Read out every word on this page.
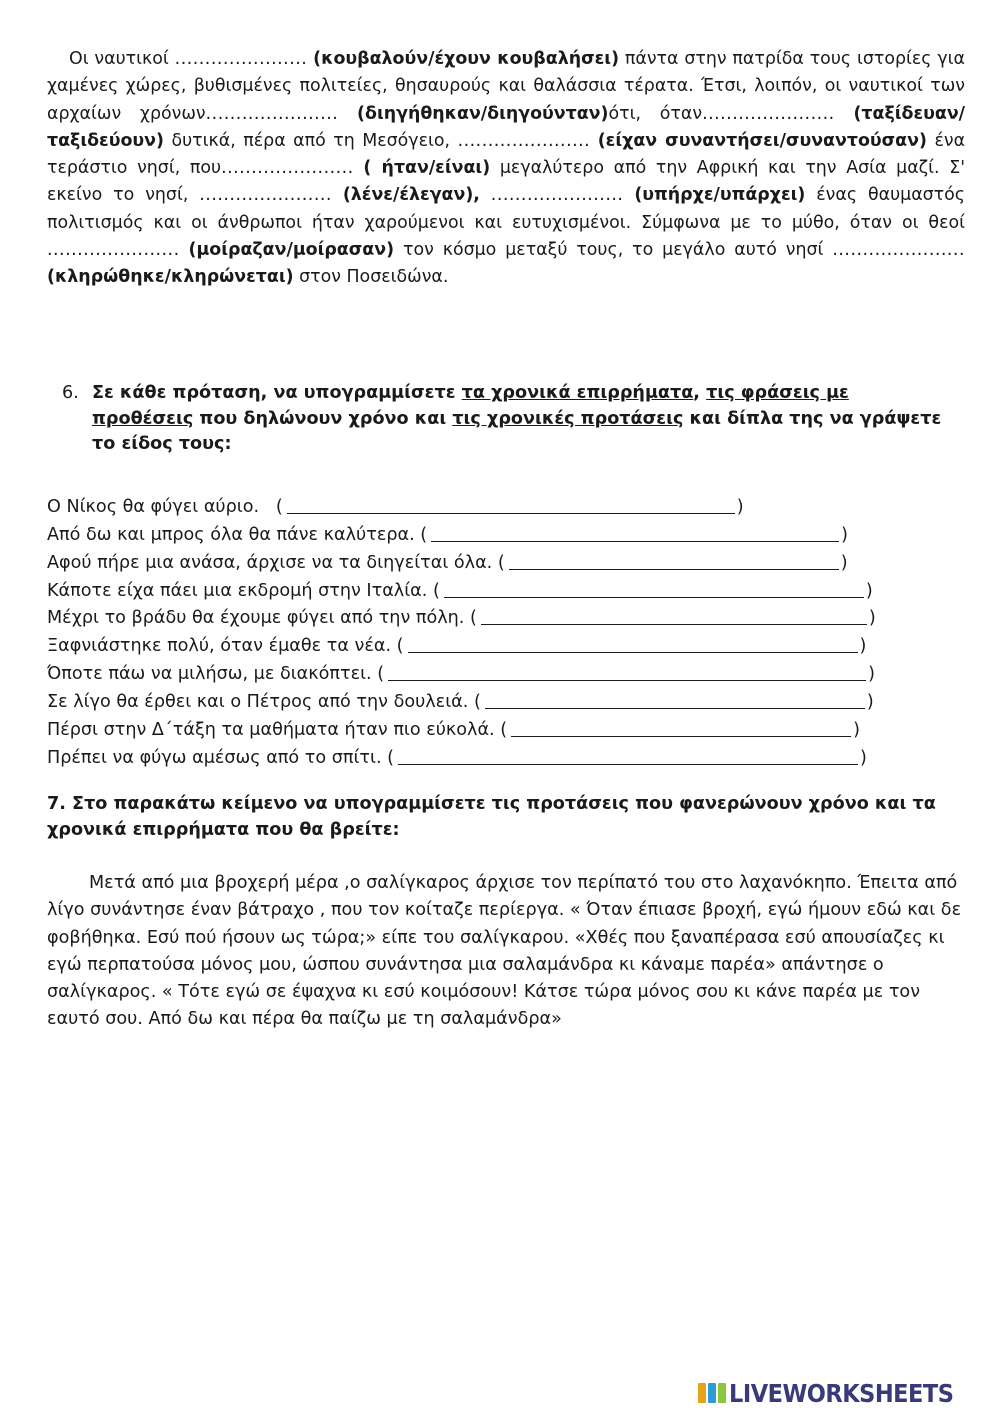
Οι ναυτικοί ...................... (κουβαλούν/έχουν κουβαλήσει) πάντα στην πατρίδα τους ιστορίες για χαμένες χώρες, βυθισμένες πολιτείες, θησαυρούς και θαλάσσια τέρατα. Έτσι, λοιπόν, οι ναυτικοί των αρχαίων χρόνων...................... (διηγήθηκαν/διηγούνταν)ότι, όταν...................... (ταξίδευαν/ταξιδεύουν) δυτικά, πέρα από τη Μεσόγειο, ...................... (είχαν συναντήσει/συναντούσαν) ένα τεράστιο νησί, που...................... ( ήταν/είναι) μεγαλύτερο από την Αφρική και την Ασία μαζί. Σ' εκείνο το νησί, ...................... (λένε/έλεγαν), ...................... (υπήρχε/υπάρχει) ένας θαυμαστός πολιτισμός και οι άνθρωποι ήταν χαρούμενοι και ευτυχισμένοι. Σύμφωνα με το μύθο, όταν οι θεοί ...................... (μοίραζαν/μοίρασαν) τον κόσμο μεταξύ τους, το μεγάλο αυτό νησί ...................... (κληρώθηκε/κληρώνεται) στον Ποσειδώνα.
6. Σε κάθε πρόταση, να υπογραμμίσετε τα χρονικά επιρρήματα, τις φράσεις με
προθέσεις που δηλώνουν χρόνο και τις χρονικές προτάσεις και δίπλα της να γράψετε το είδος τους:
Ο Νίκος θα φύγει αύριο.
(	)
Από δω και μπρος όλα θα πάνε καλύτερα.
(	)
Αφού πήρε μια ανάσα, άρχισε να τα διηγείται όλα.
(	)
Κάποτε είχα πάει μια εκδρομή στην Ιταλία.
(	)
Μέχρι το βράδυ θα έχουμε φύγει από την πόλη.
(	)
Ξαφνιάστηκε πολύ, όταν έμαθε τα νέα.
(	)
Όποτε πάω να μιλήσω, με διακόπτει.
(	)
Σε λίγο θα έρθει και ο Πέτρος από την δουλειά.
(	)
Πέρσι στην Δ΄τάξη τα μαθήματα ήταν πιο εύκολά.
(	)
Πρέπει να φύγω αμέσως από το σπίτι.
(	)
7. Στο παρακάτω κείμενο να υπογραμμίσετε τις προτάσεις που φανερώνουν χρόνο και τα χρονικά επιρρήματα που θα βρείτε:
Μετά από μια βροχερή μέρα ,ο σαλίγκαρος άρχισε τον περίπατό του στο λαχανόκηπο. Έπειτα από λίγο συνάντησε έναν βάτραχο , που τον κοίταζε περίεργα. « Όταν έπιασε βροχή, εγώ ήμουν εδώ και δε φοβήθηκα. Εσύ πού ήσουν ως τώρα;» είπε του σαλίγκαρου. «Χθές που ξαναπέρασα εσύ απουσίαζες κι εγώ περπατούσα μόνος μου, ώσπου συνάντησα μια σαλαμάνδρα κι κάναμε παρέα» απάντησε ο σαλίγκαρος. « Τότε εγώ σε έψαχνα κι εσύ κοιμόσουν! Κάτσε τώρα μόνος σου κι κάνε παρέα με τον εαυτό σου. Από δω και πέρα θα παίζω με τη σαλαμάνδρα»
LIVEWORKSHEETS
